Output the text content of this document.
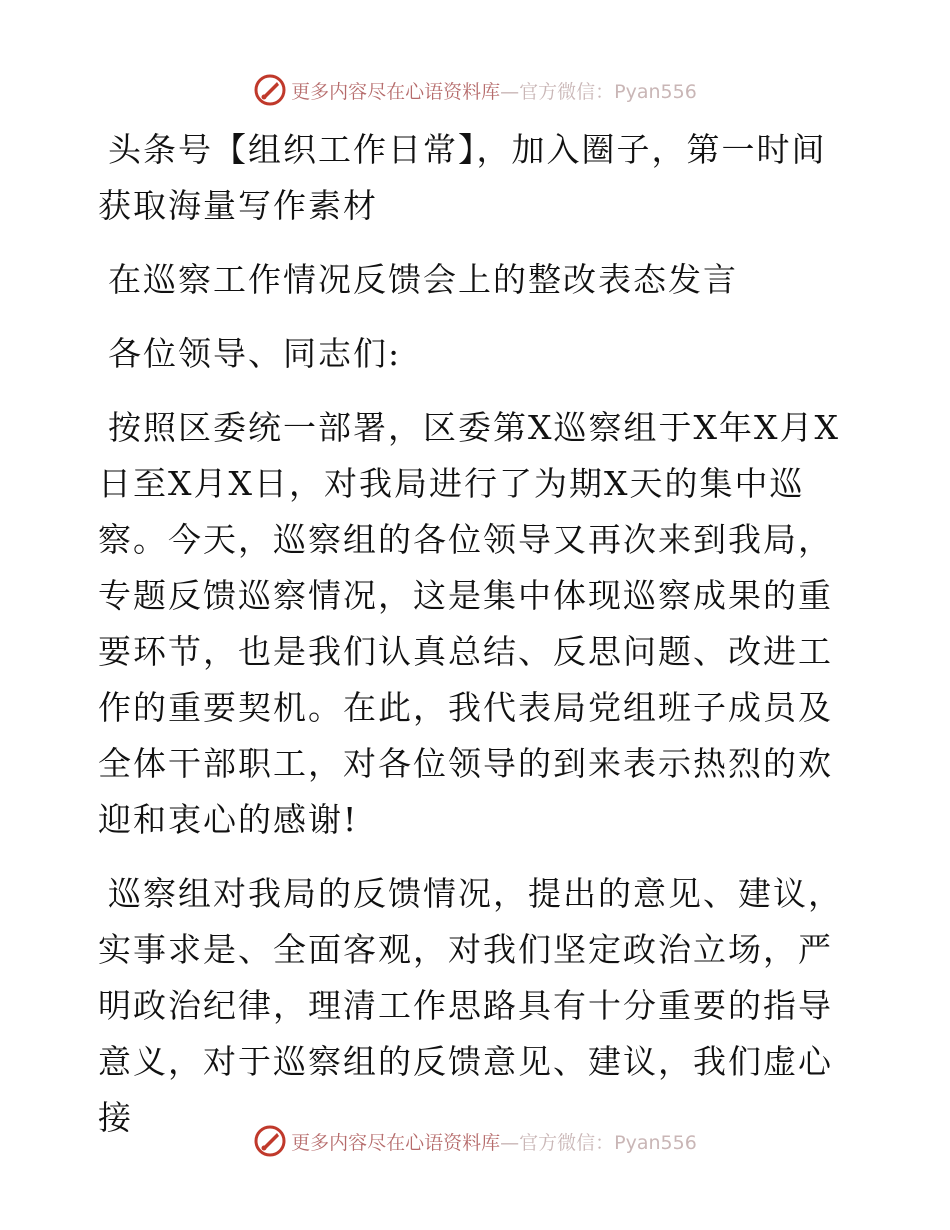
更多内容尽在心语资料库—官方微信：Pyan556

头条号【组织工作日常】，加入圈子，第一时间获取海量写作素材

在巡察工作情况反馈会上的整改表态发言

各位领导、同志们:

按照区委统一部署，区委第X巡察组于X年X月X日至X月X日，对我局进行了为期X天的集中巡察。今天，巡察组的各位领导又再次来到我局，专题反馈巡察情况，这是集中体现巡察成果的重要环节，也是我们认真总结、反思问题、改进工作的重要契机。在此，我代表局党组班子成员及全体干部职工，对各位领导的到来表示热烈的欢迎和衷心的感谢!

巡察组对我局的反馈情况，提出的意见、建议，实事求是、全面客观，对我们坚定政治立场，严明政治纪律，理清工作思路具有十分重要的指导意义，对于巡察组的反馈意见、建议，我们虚心接

更多内容尽在心语资料库—官方微信：Pyan556
